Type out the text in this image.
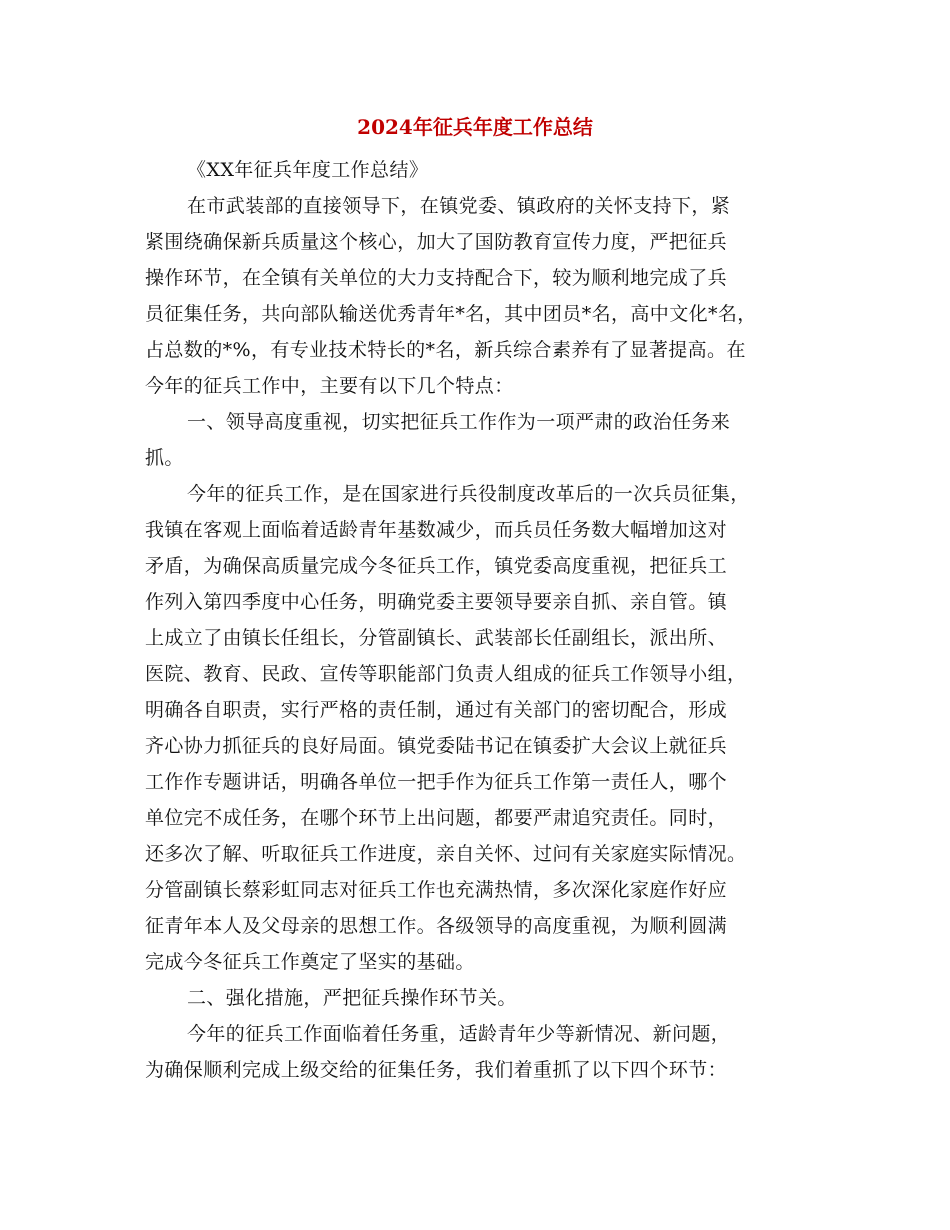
2024年征兵年度工作总结
《XX年征兵年度工作总结》
在市武装部的直接领导下，在镇党委、镇政府的关怀支持下，紧
紧围绕确保新兵质量这个核心，加大了国防教育宣传力度，严把征兵
操作环节，在全镇有关单位的大力支持配合下，较为顺利地完成了兵
员征集任务，共向部队输送优秀青年*名，其中团员*名，高中文化*名，
占总数的*%，有专业技术特长的*名，新兵综合素养有了显著提高。在
今年的征兵工作中，主要有以下几个特点：
一、领导高度重视，切实把征兵工作作为一项严肃的政治任务来
抓。
今年的征兵工作，是在国家进行兵役制度改革后的一次兵员征集，
我镇在客观上面临着适龄青年基数减少，而兵员任务数大幅增加这对
矛盾，为确保高质量完成今冬征兵工作，镇党委高度重视，把征兵工
作列入第四季度中心任务，明确党委主要领导要亲自抓、亲自管。镇
上成立了由镇长任组长，分管副镇长、武装部长任副组长，派出所、
医院、教育、民政、宣传等职能部门负责人组成的征兵工作领导小组，
明确各自职责，实行严格的责任制，通过有关部门的密切配合，形成
齐心协力抓征兵的良好局面。镇党委陆书记在镇委扩大会议上就征兵
工作作专题讲话，明确各单位一把手作为征兵工作第一责任人，哪个
单位完不成任务，在哪个环节上出问题，都要严肃追究责任。同时，
还多次了解、听取征兵工作进度，亲自关怀、过问有关家庭实际情况。
分管副镇长蔡彩虹同志对征兵工作也充满热情，多次深化家庭作好应
征青年本人及父母亲的思想工作。各级领导的高度重视，为顺利圆满
完成今冬征兵工作奠定了坚实的基础。
二、强化措施，严把征兵操作环节关。
今年的征兵工作面临着任务重，适龄青年少等新情况、新问题，
为确保顺利完成上级交给的征集任务，我们着重抓了以下四个环节：
